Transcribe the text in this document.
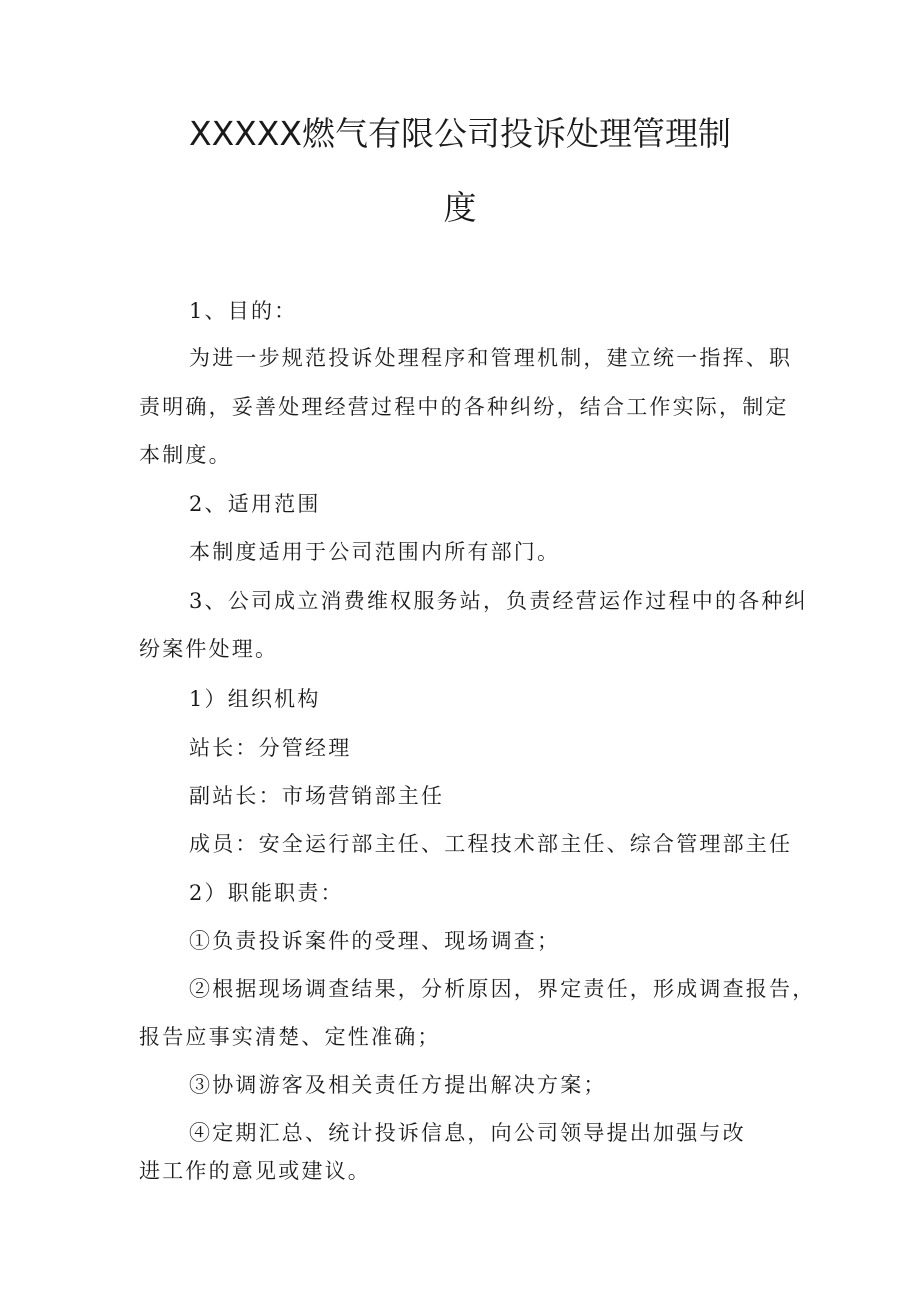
XXXXX燃气有限公司投诉处理管理制
度
1、目的：
为进一步规范投诉处理程序和管理机制，建立统一指挥、职
责明确，妥善处理经营过程中的各种纠纷，结合工作实际，制定
本制度。
2、适用范围
本制度适用于公司范围内所有部门。
3、公司成立消费维权服务站，负责经营运作过程中的各种纠
纷案件处理。
1）组织机构
站长：分管经理
副站长：市场营销部主任
成员：安全运行部主任、工程技术部主任、综合管理部主任
2）职能职责：
①负责投诉案件的受理、现场调查；
②根据现场调查结果，分析原因，界定责任，形成调查报告，
报告应事实清楚、定性准确；
③协调游客及相关责任方提出解决方案；
④定期汇总、统计投诉信息，向公司领导提出加强与改
进工作的意见或建议。
